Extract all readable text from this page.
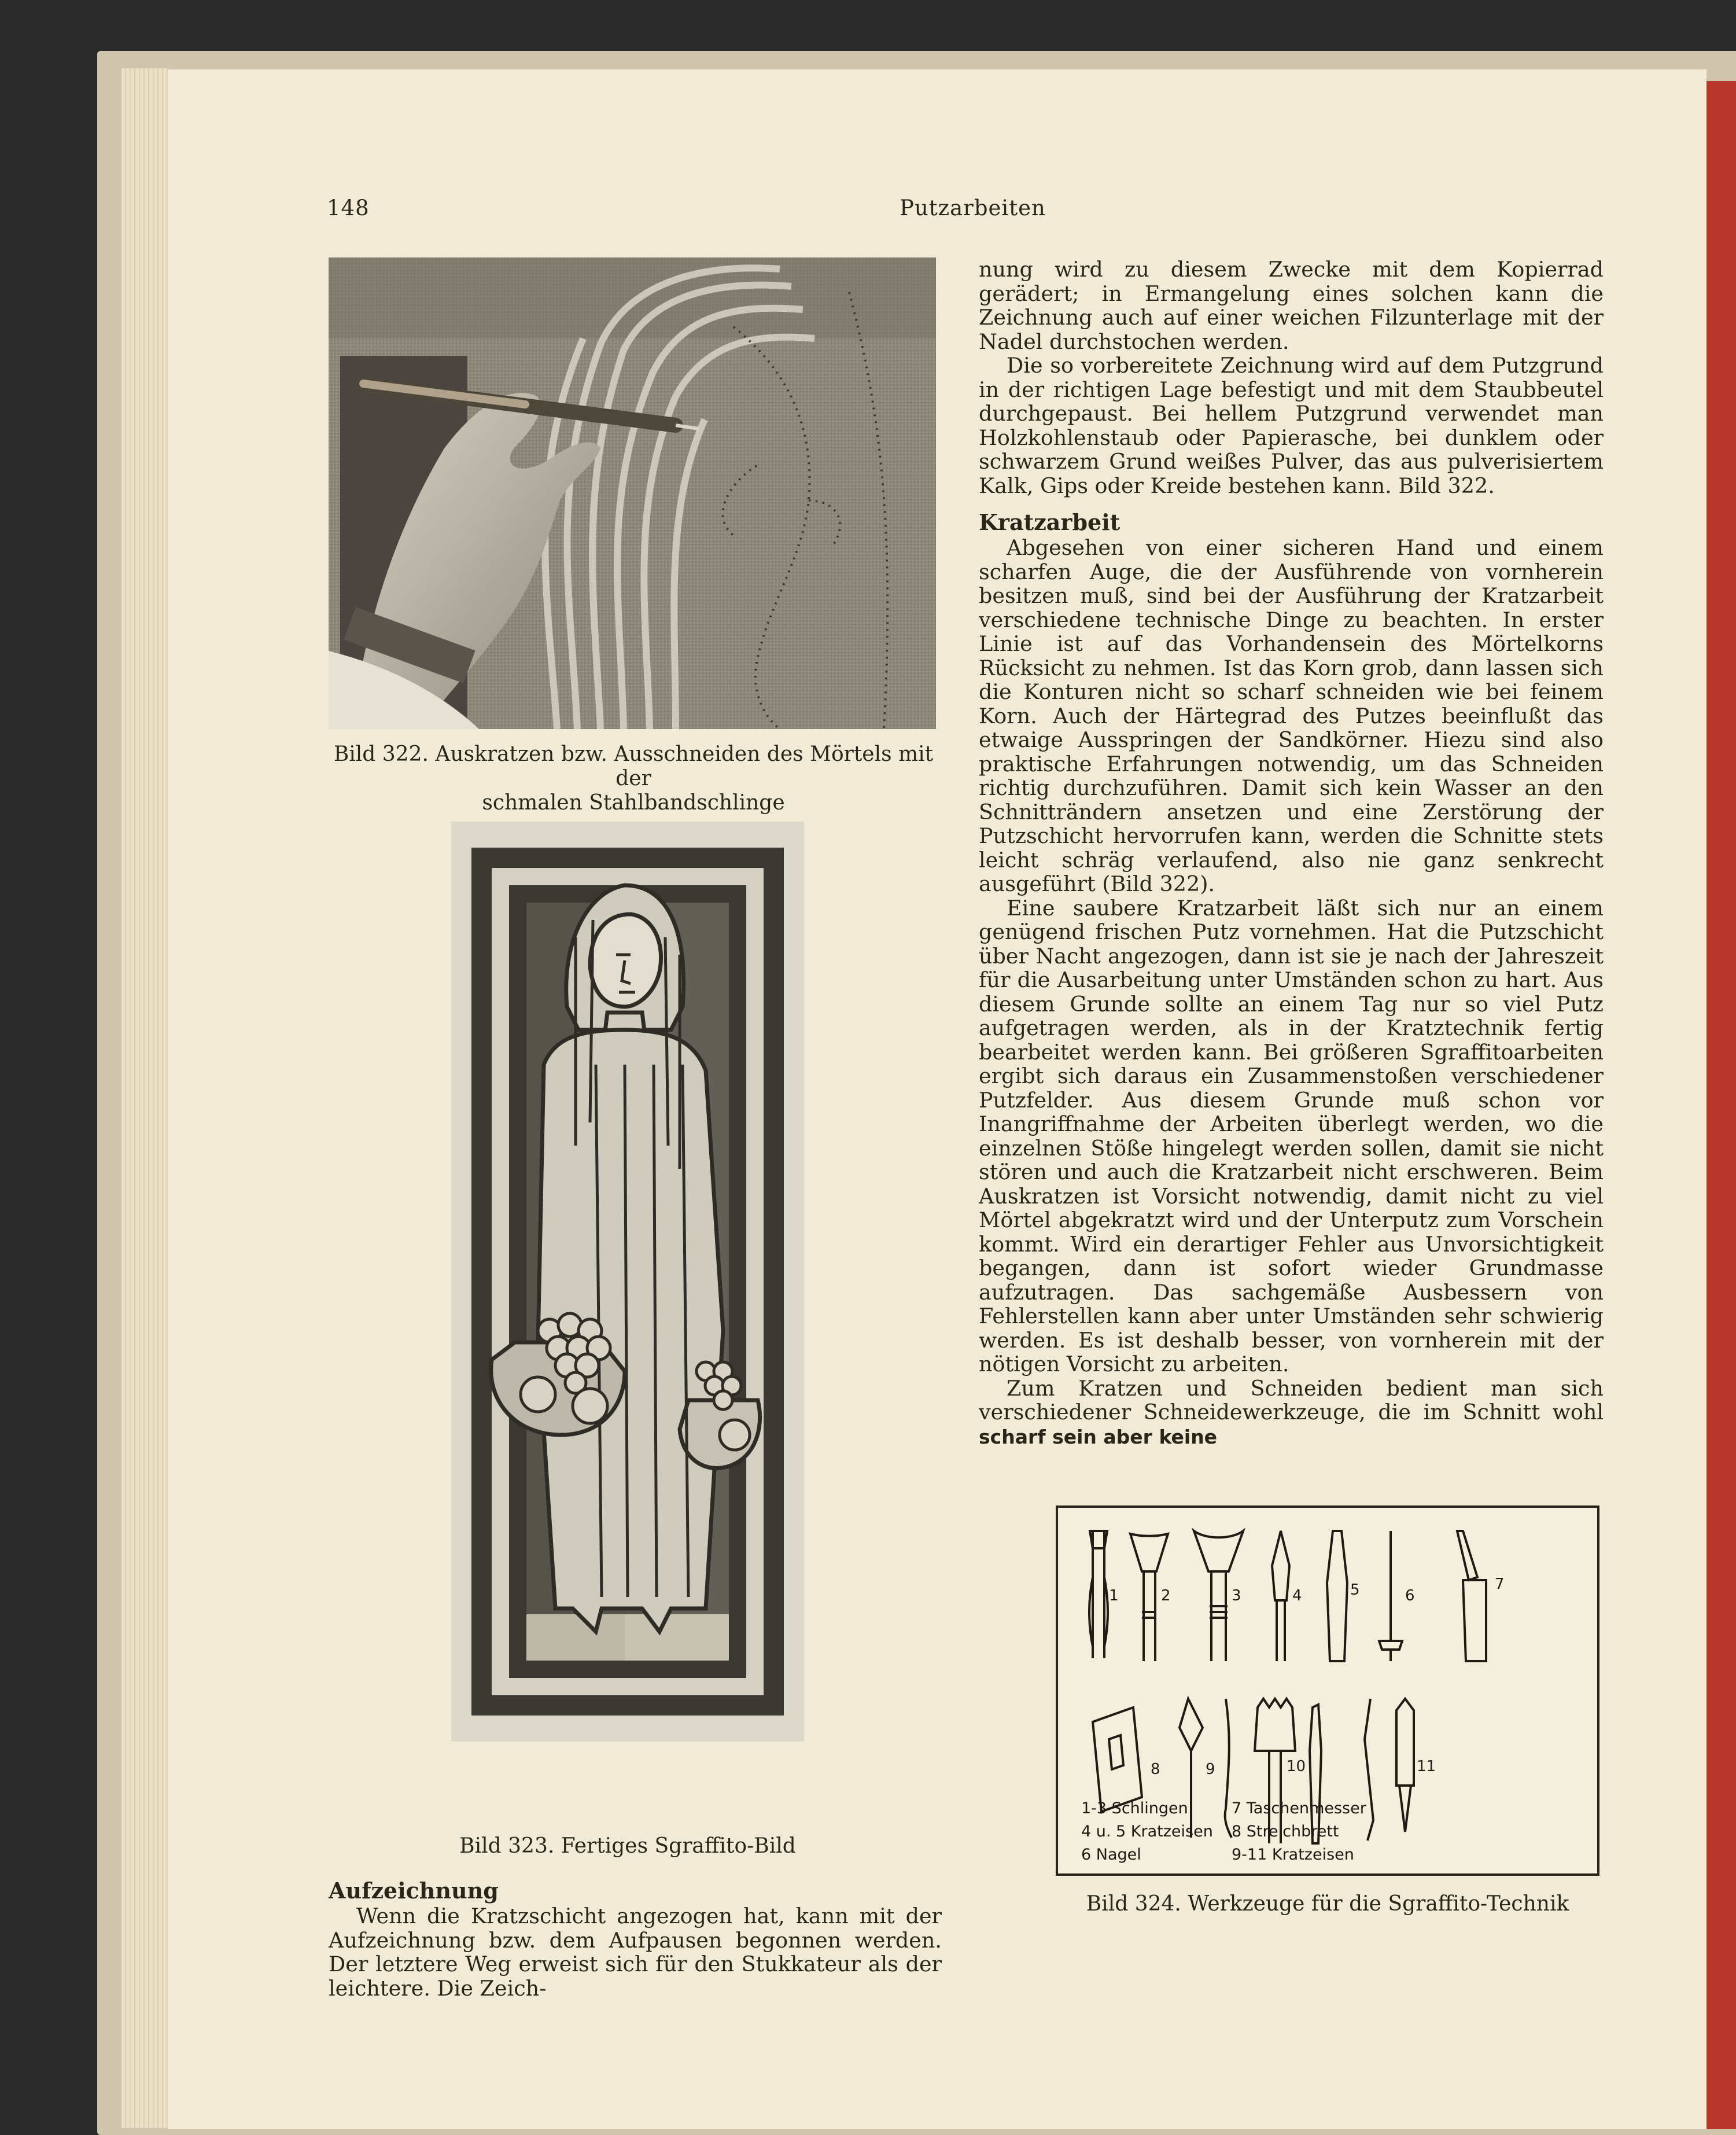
148	Putzarbeiten
Bild 322. Auskratzen bzw. Ausschneiden des Mörtels mit der
schmalen Stahlbandschlinge
Bild 323. Fertiges Sgraffito-Bild

Aufzeichnung

Wenn die Kratzschicht angezogen hat, kann mit der Aufzeichnung bzw. dem Aufpausen begonnen werden. Der letztere Weg erweist sich für den Stukkateur als der leichtere. Die Zeich-

nung wird zu diesem Zwecke mit dem Kopierrad gerädert; in Ermangelung eines solchen kann die Zeichnung auch auf einer weichen Filzunterlage mit der Nadel durchstochen werden.

Die so vorbereitete Zeichnung wird auf dem Putzgrund in der richtigen Lage befestigt und mit dem Staubbeutel durchgepaust. Bei hellem Putzgrund verwendet man Holzkohlenstaub oder Papierasche, bei dunklem oder schwarzem Grund weißes Pulver, das aus pulverisiertem Kalk, Gips oder Kreide bestehen kann. Bild 322.

Kratzarbeit

Abgesehen von einer sicheren Hand und einem scharfen Auge, die der Ausführende von vornherein besitzen muß, sind bei der Ausführung der Kratzarbeit verschiedene technische Dinge zu beachten. In erster Linie ist auf das Vorhandensein des Mörtelkorns Rücksicht zu nehmen. Ist das Korn grob, dann lassen sich die Konturen nicht so scharf schneiden wie bei feinem Korn. Auch der Härtegrad des Putzes beeinflußt das etwaige Ausspringen der Sandkörner. Hiezu sind also praktische Erfahrungen notwendig, um das Schneiden richtig durchzuführen. Damit sich kein Wasser an den Schnitträndern ansetzen und eine Zerstörung der Putzschicht hervorrufen kann, werden die Schnitte stets leicht schräg verlaufend, also nie ganz senkrecht ausgeführt (Bild 322).

Eine saubere Kratzarbeit läßt sich nur an einem genügend frischen Putz vornehmen. Hat die Putzschicht über Nacht angezogen, dann ist sie je nach der Jahreszeit für die Ausarbeitung unter Umständen schon zu hart. Aus diesem Grunde sollte an einem Tag nur so viel Putz aufgetragen werden, als in der Kratztechnik fertig bearbeitet werden kann. Bei größeren Sgraffitoarbeiten ergibt sich daraus ein Zusammenstoßen verschiedener Putzfelder. Aus diesem Grunde muß schon vor Inangriffnahme der Arbeiten überlegt werden, wo die einzelnen Stöße hingelegt werden sollen, damit sie nicht stören und auch die Kratzarbeit nicht erschweren. Beim Auskratzen ist Vorsicht notwendig, damit nicht zu viel Mörtel abgekratzt wird und der Unterputz zum Vorschein kommt. Wird ein derartiger Fehler aus Unvorsichtigkeit begangen, dann ist sofort wieder Grundmasse aufzutragen. Das sachgemäße Ausbessern von Fehlerstellen kann aber unter Umständen sehr schwierig werden. Es ist deshalb besser, von vornherein mit der nötigen Vorsicht zu arbeiten.

Zum Kratzen und Schneiden bedient man sich verschiedener Schneidewerkzeuge, die im Schnitt wohl scharf sein aber keine

1	2	3	4	5	6
7
8	9	10	11
1-3 Schlingen	7 Taschenmesser
4 u. 5 Kratzeisen 8 Streichbrett
6 Nagel	9-11 Kratzeisen
Bild 324. Werkzeuge für die Sgraffito-Technik
